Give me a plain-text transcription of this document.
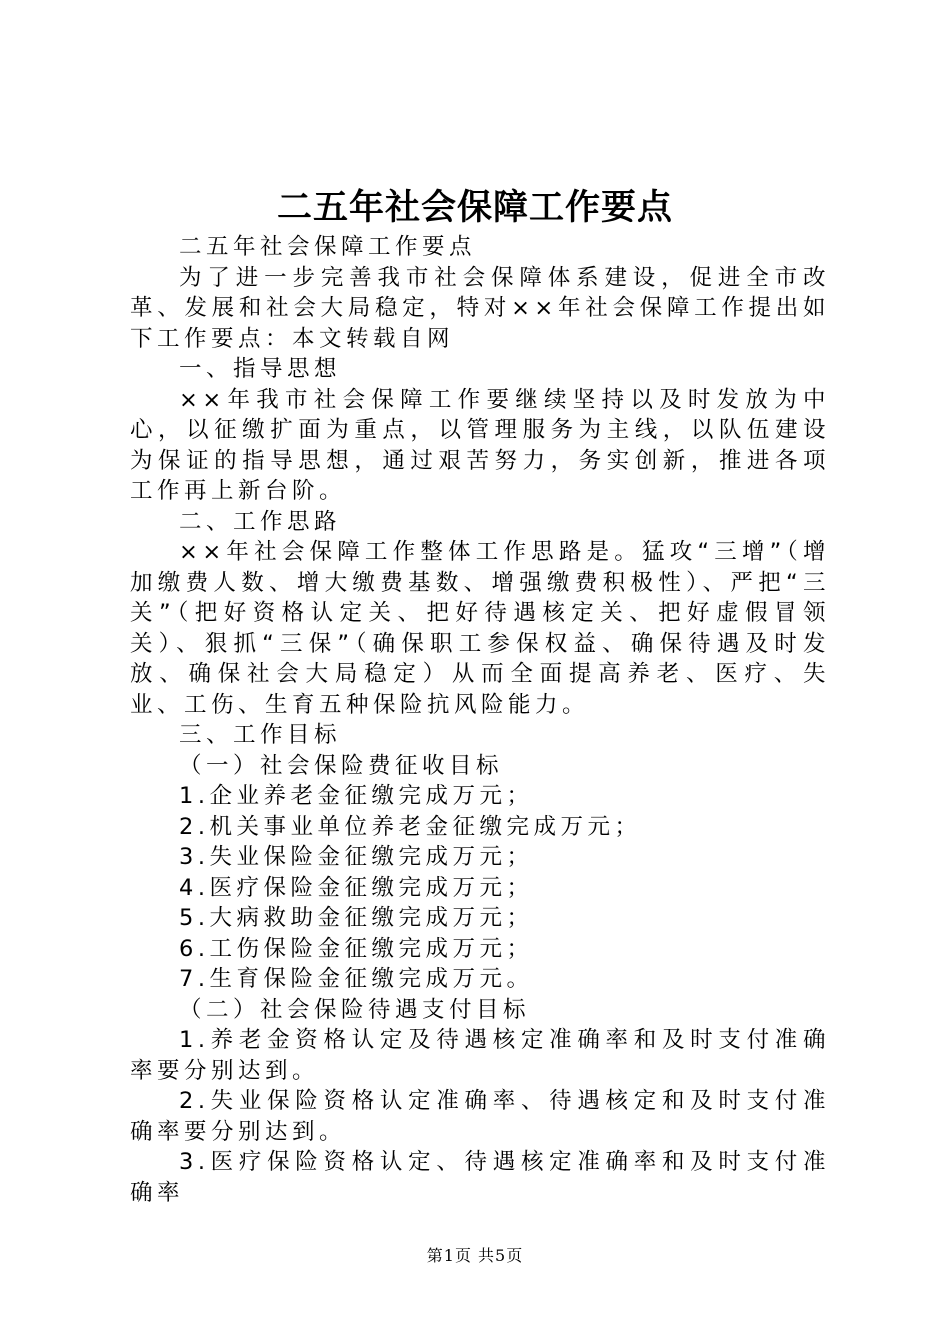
二五年社会保障工作要点

二五年社会保障工作要点

为了进一步完善我市社会保障体系建设，促进全市改革、发展和社会大局稳定，特对××年社会保障工作提出如下工作要点：本文转载自网

一、指导思想

××年我市社会保障工作要继续坚持以及时发放为中心，以征缴扩面为重点，以管理服务为主线，以队伍建设为保证的指导思想，通过艰苦努力，务实创新，推进各项工作再上新台阶。

二、工作思路

××年社会保障工作整体工作思路是。猛攻“三增”（增加缴费人数、增大缴费基数、增强缴费积极性）、严把“三关”（把好资格认定关、把好待遇核定关、把好虚假冒领关）、狠抓“三保”（确保职工参保权益、确保待遇及时发放、确保社会大局稳定）从而全面提高养老、医疗、失业、工伤、生育五种保险抗风险能力。

三、工作目标

（一）社会保险费征收目标

1.企业养老金征缴完成万元；

2.机关事业单位养老金征缴完成万元；

3.失业保险金征缴完成万元；

4.医疗保险金征缴完成万元；

5.大病救助金征缴完成万元；

6.工伤保险金征缴完成万元；

7.生育保险金征缴完成万元。

（二）社会保险待遇支付目标

1.养老金资格认定及待遇核定准确率和及时支付准确率要分别达到。

2.失业保险资格认定准确率、待遇核定和及时支付准确率要分别达到。

3.医疗保险资格认定、待遇核定准确率和及时支付准确率

第1页 共5页
